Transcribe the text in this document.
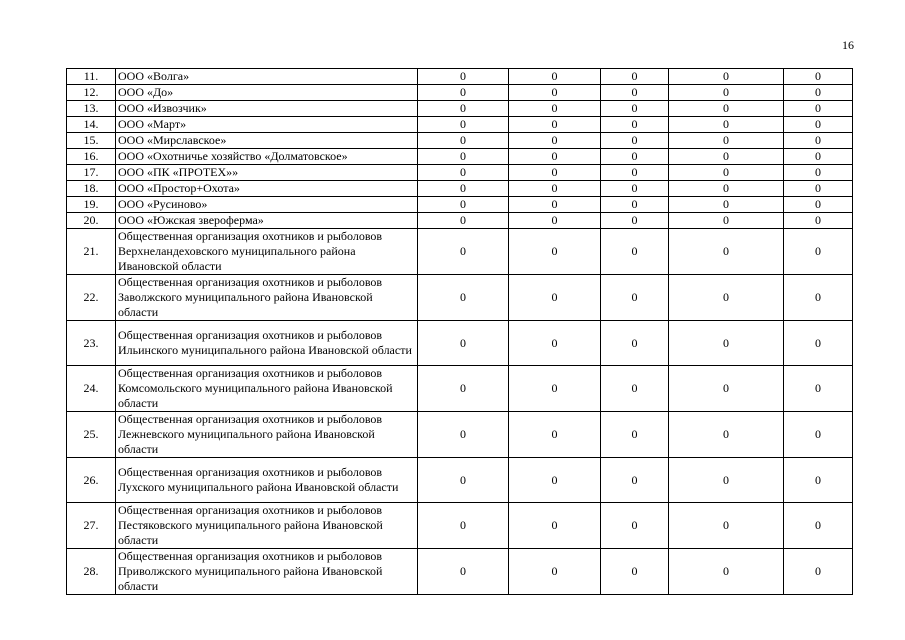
16
11.	ООО «Волга»	0	0	0	0	0
12.	ООО «До»	0	0	0	0	0
13.	ООО «Извозчик»	0	0	0	0	0
14.	ООО «Март»	0	0	0	0	0
15.	ООО «Мирславское»	0	0	0	0	0
16.	ООО «Охотничье хозяйство «Долматовское»	0	0	0	0	0
17.	ООО «ПК «ПРОТЕХ»»	0	0	0	0	0
18.	ООО «Простор+Охота»	0	0	0	0	0
19.	ООО «Русиново»	0	0	0	0	0
20.	ООО «Южская звероферма»	0	0	0	0	0
21.	Общественная организация охотников и рыболовов Верхнеландеховского муниципального района Ивановской области	0	0	0	0	0
22.	Общественная организация охотников и рыболовов Заволжского муниципального района Ивановской области	0	0	0	0	0
23.	Общественная организация охотников и рыболовов Ильинского муниципального района Ивановской области	0	0	0	0	0
24.	Общественная организация охотников и рыболовов Комсомольского муниципального района Ивановской области	0	0	0	0	0
25.	Общественная организация охотников и рыболовов Лежневского муниципального района Ивановской области	0	0	0	0	0
26.	Общественная организация охотников и рыболовов Лухского муниципального района Ивановской области	0	0	0	0	0
27.	Общественная организация охотников и рыболовов Пестяковского муниципального района Ивановской области	0	0	0	0	0
28.	Общественная организация охотников и рыболовов Приволжского муниципального района Ивановской области	0	0	0	0	0
